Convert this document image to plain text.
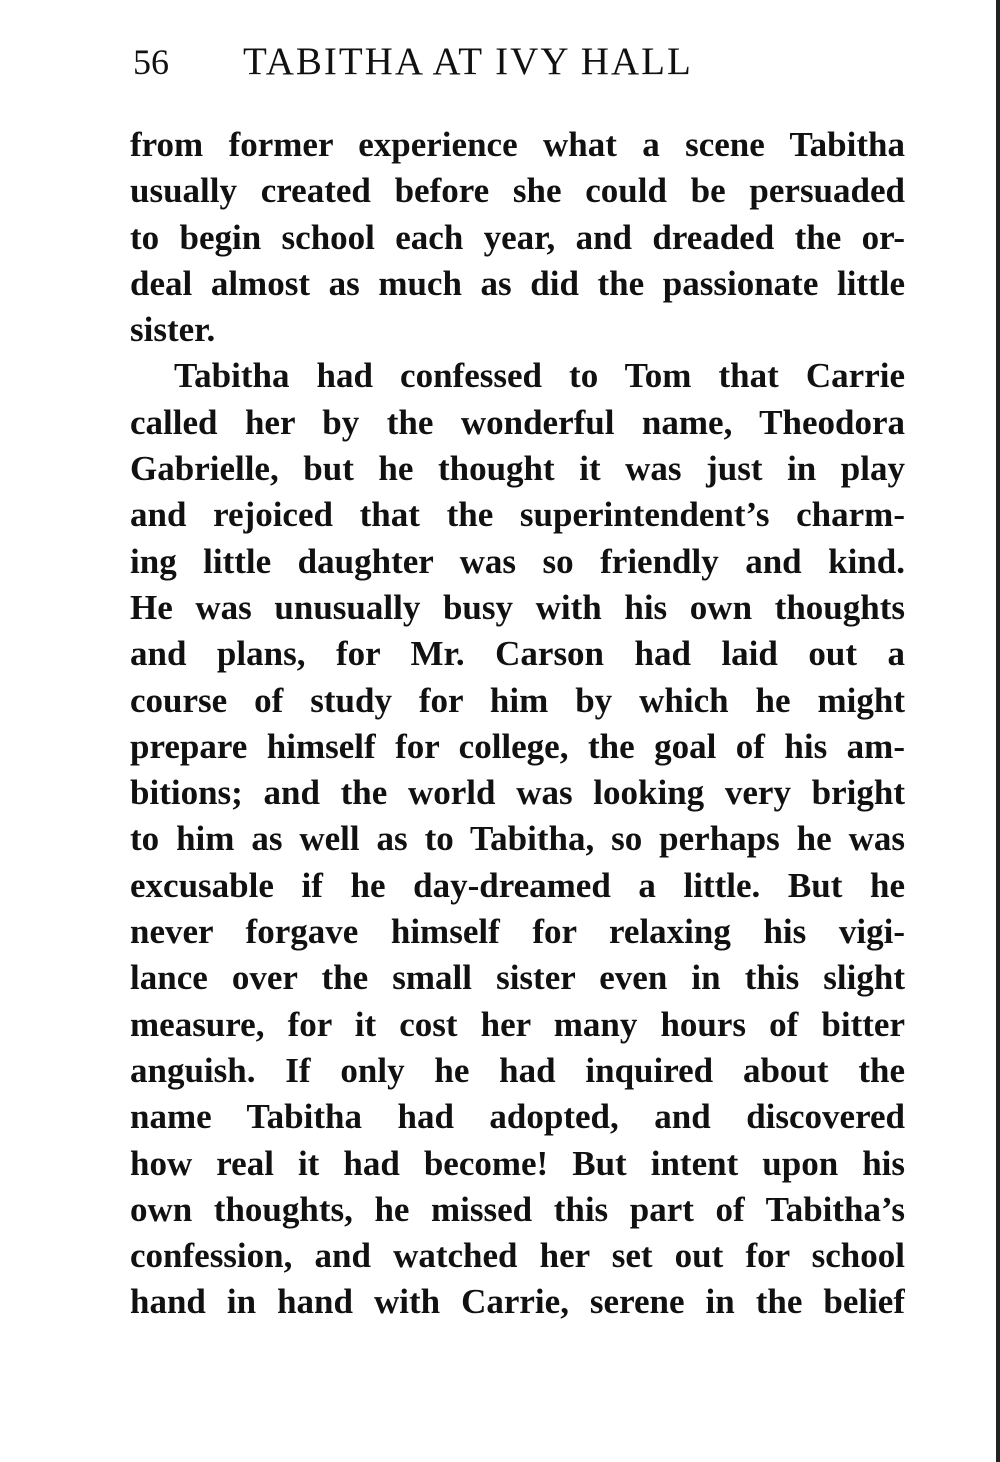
56 TABITHA AT IVY HALL
from former experience what a scene Tabitha
usually created before she could be persuaded
to begin school each year, and dreaded the or-
deal almost as much as did the passionate little
sister.
Tabitha had confessed to Tom that Carrie
called her by the wonderful name, Theodora
Gabrielle, but he thought it was just in play
and rejoiced that the superintendent’s charm-
ing little daughter was so friendly and kind.
He was unusually busy with his own thoughts
and plans, for Mr. Carson had laid out a
course of study for him by which he might
prepare himself for college, the goal of his am-
bitions; and the world was looking very bright
to him as well as to Tabitha, so perhaps he was
excusable if he day-dreamed a little. But he
never forgave himself for relaxing his vigi-
lance over the small sister even in this slight
measure, for it cost her many hours of bitter
anguish. If only he had inquired about the
name Tabitha had adopted, and discovered
how real it had become! But intent upon his
own thoughts, he missed this part of Tabitha’s
confession, and watched her set out for school
hand in hand with Carrie, serene in the belief
